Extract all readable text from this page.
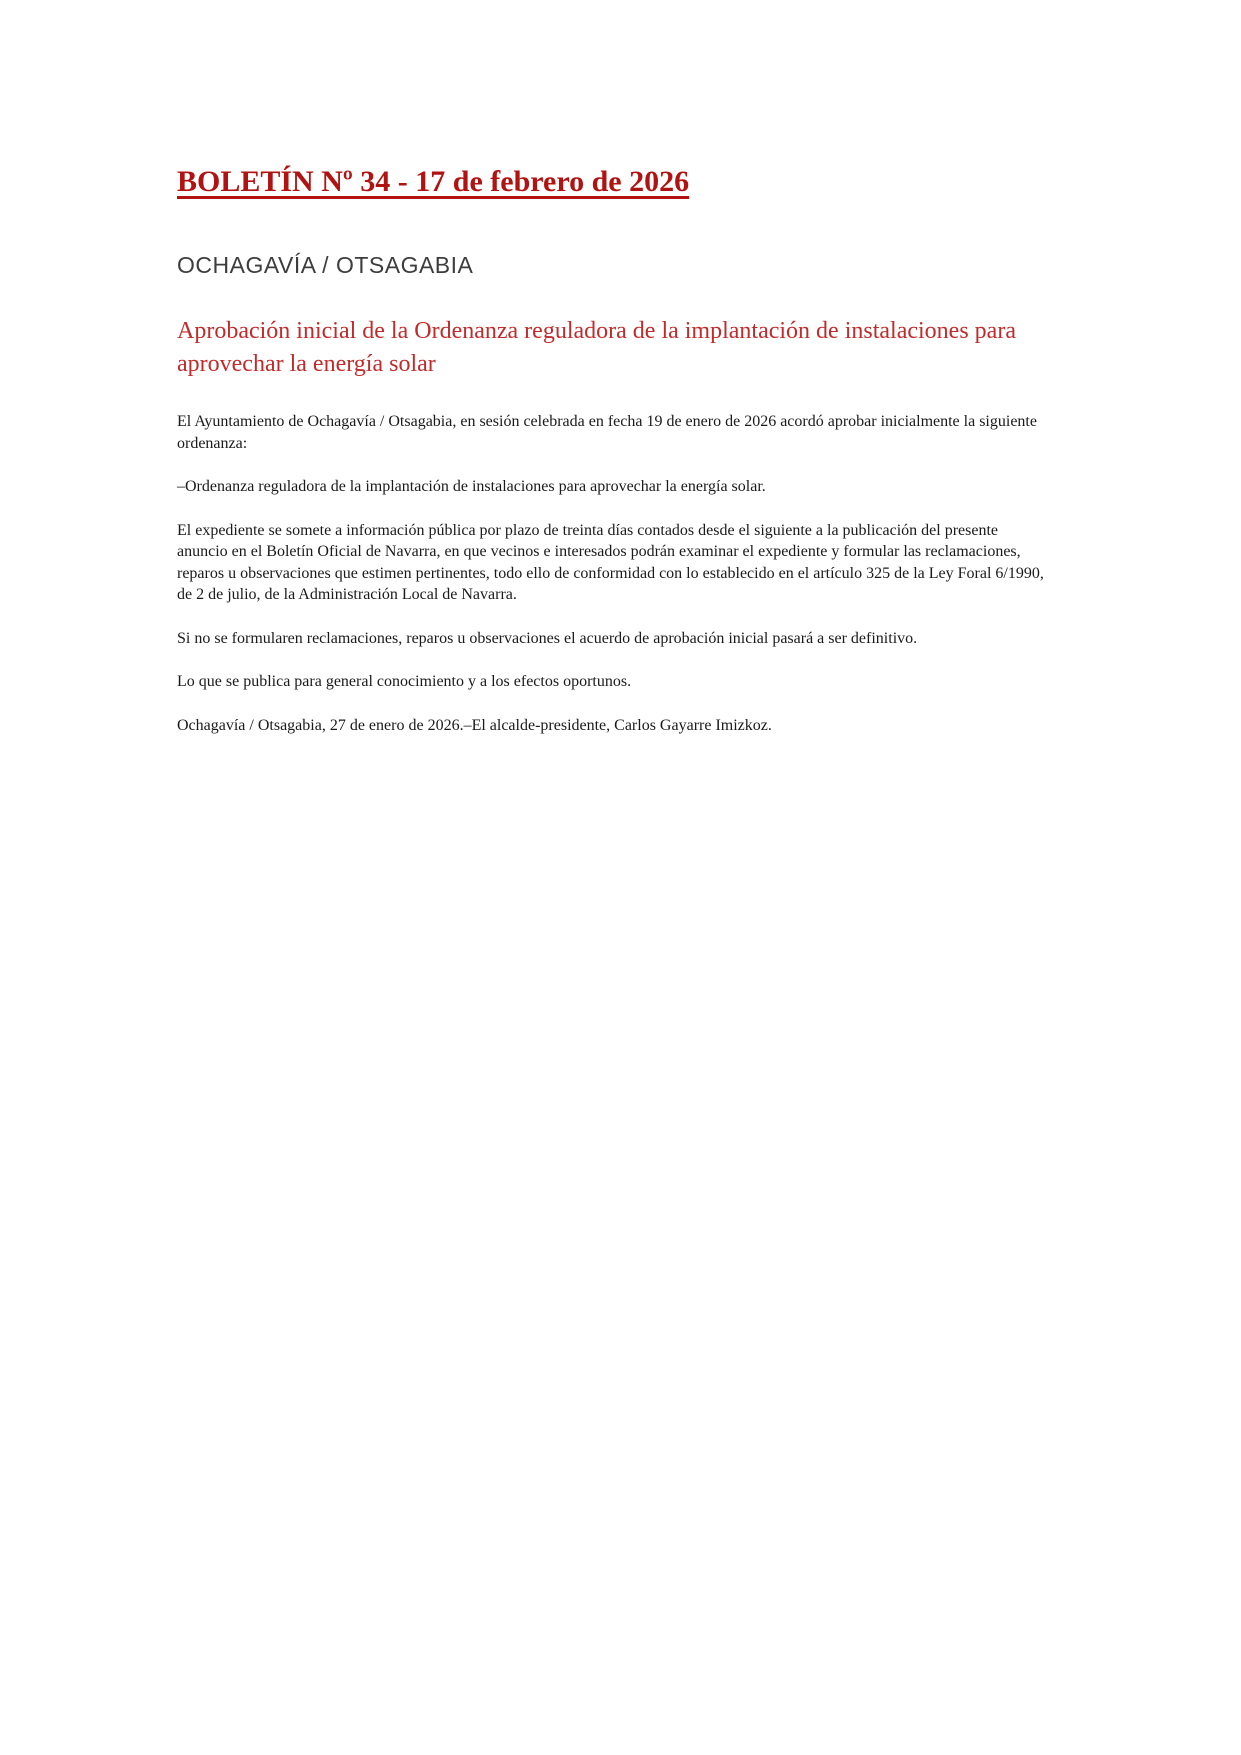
BOLETÍN Nº 34 - 17 de febrero de 2026
OCHAGAVÍA / OTSAGABIA
Aprobación inicial de la Ordenanza reguladora de la implantación de instalaciones para aprovechar la energía solar

El Ayuntamiento de Ochagavía / Otsagabia, en sesión celebrada en fecha 19 de enero de 2026 acordó aprobar inicialmente la siguiente ordenanza:

–Ordenanza reguladora de la implantación de instalaciones para aprovechar la energía solar.

El expediente se somete a información pública por plazo de treinta días contados desde el siguiente a la publicación del presente anuncio en el Boletín Oficial de Navarra, en que vecinos e interesados podrán examinar el expediente y formular las reclamaciones, reparos u observaciones que estimen pertinentes, todo ello de conformidad con lo establecido en el artículo 325 de la Ley Foral 6/1990, de 2 de julio, de la Administración Local de Navarra.

Si no se formularen reclamaciones, reparos u observaciones el acuerdo de aprobación inicial pasará a ser definitivo.

Lo que se publica para general conocimiento y a los efectos oportunos.

Ochagavía / Otsagabia, 27 de enero de 2026.–El alcalde-presidente, Carlos Gayarre Imizkoz.
